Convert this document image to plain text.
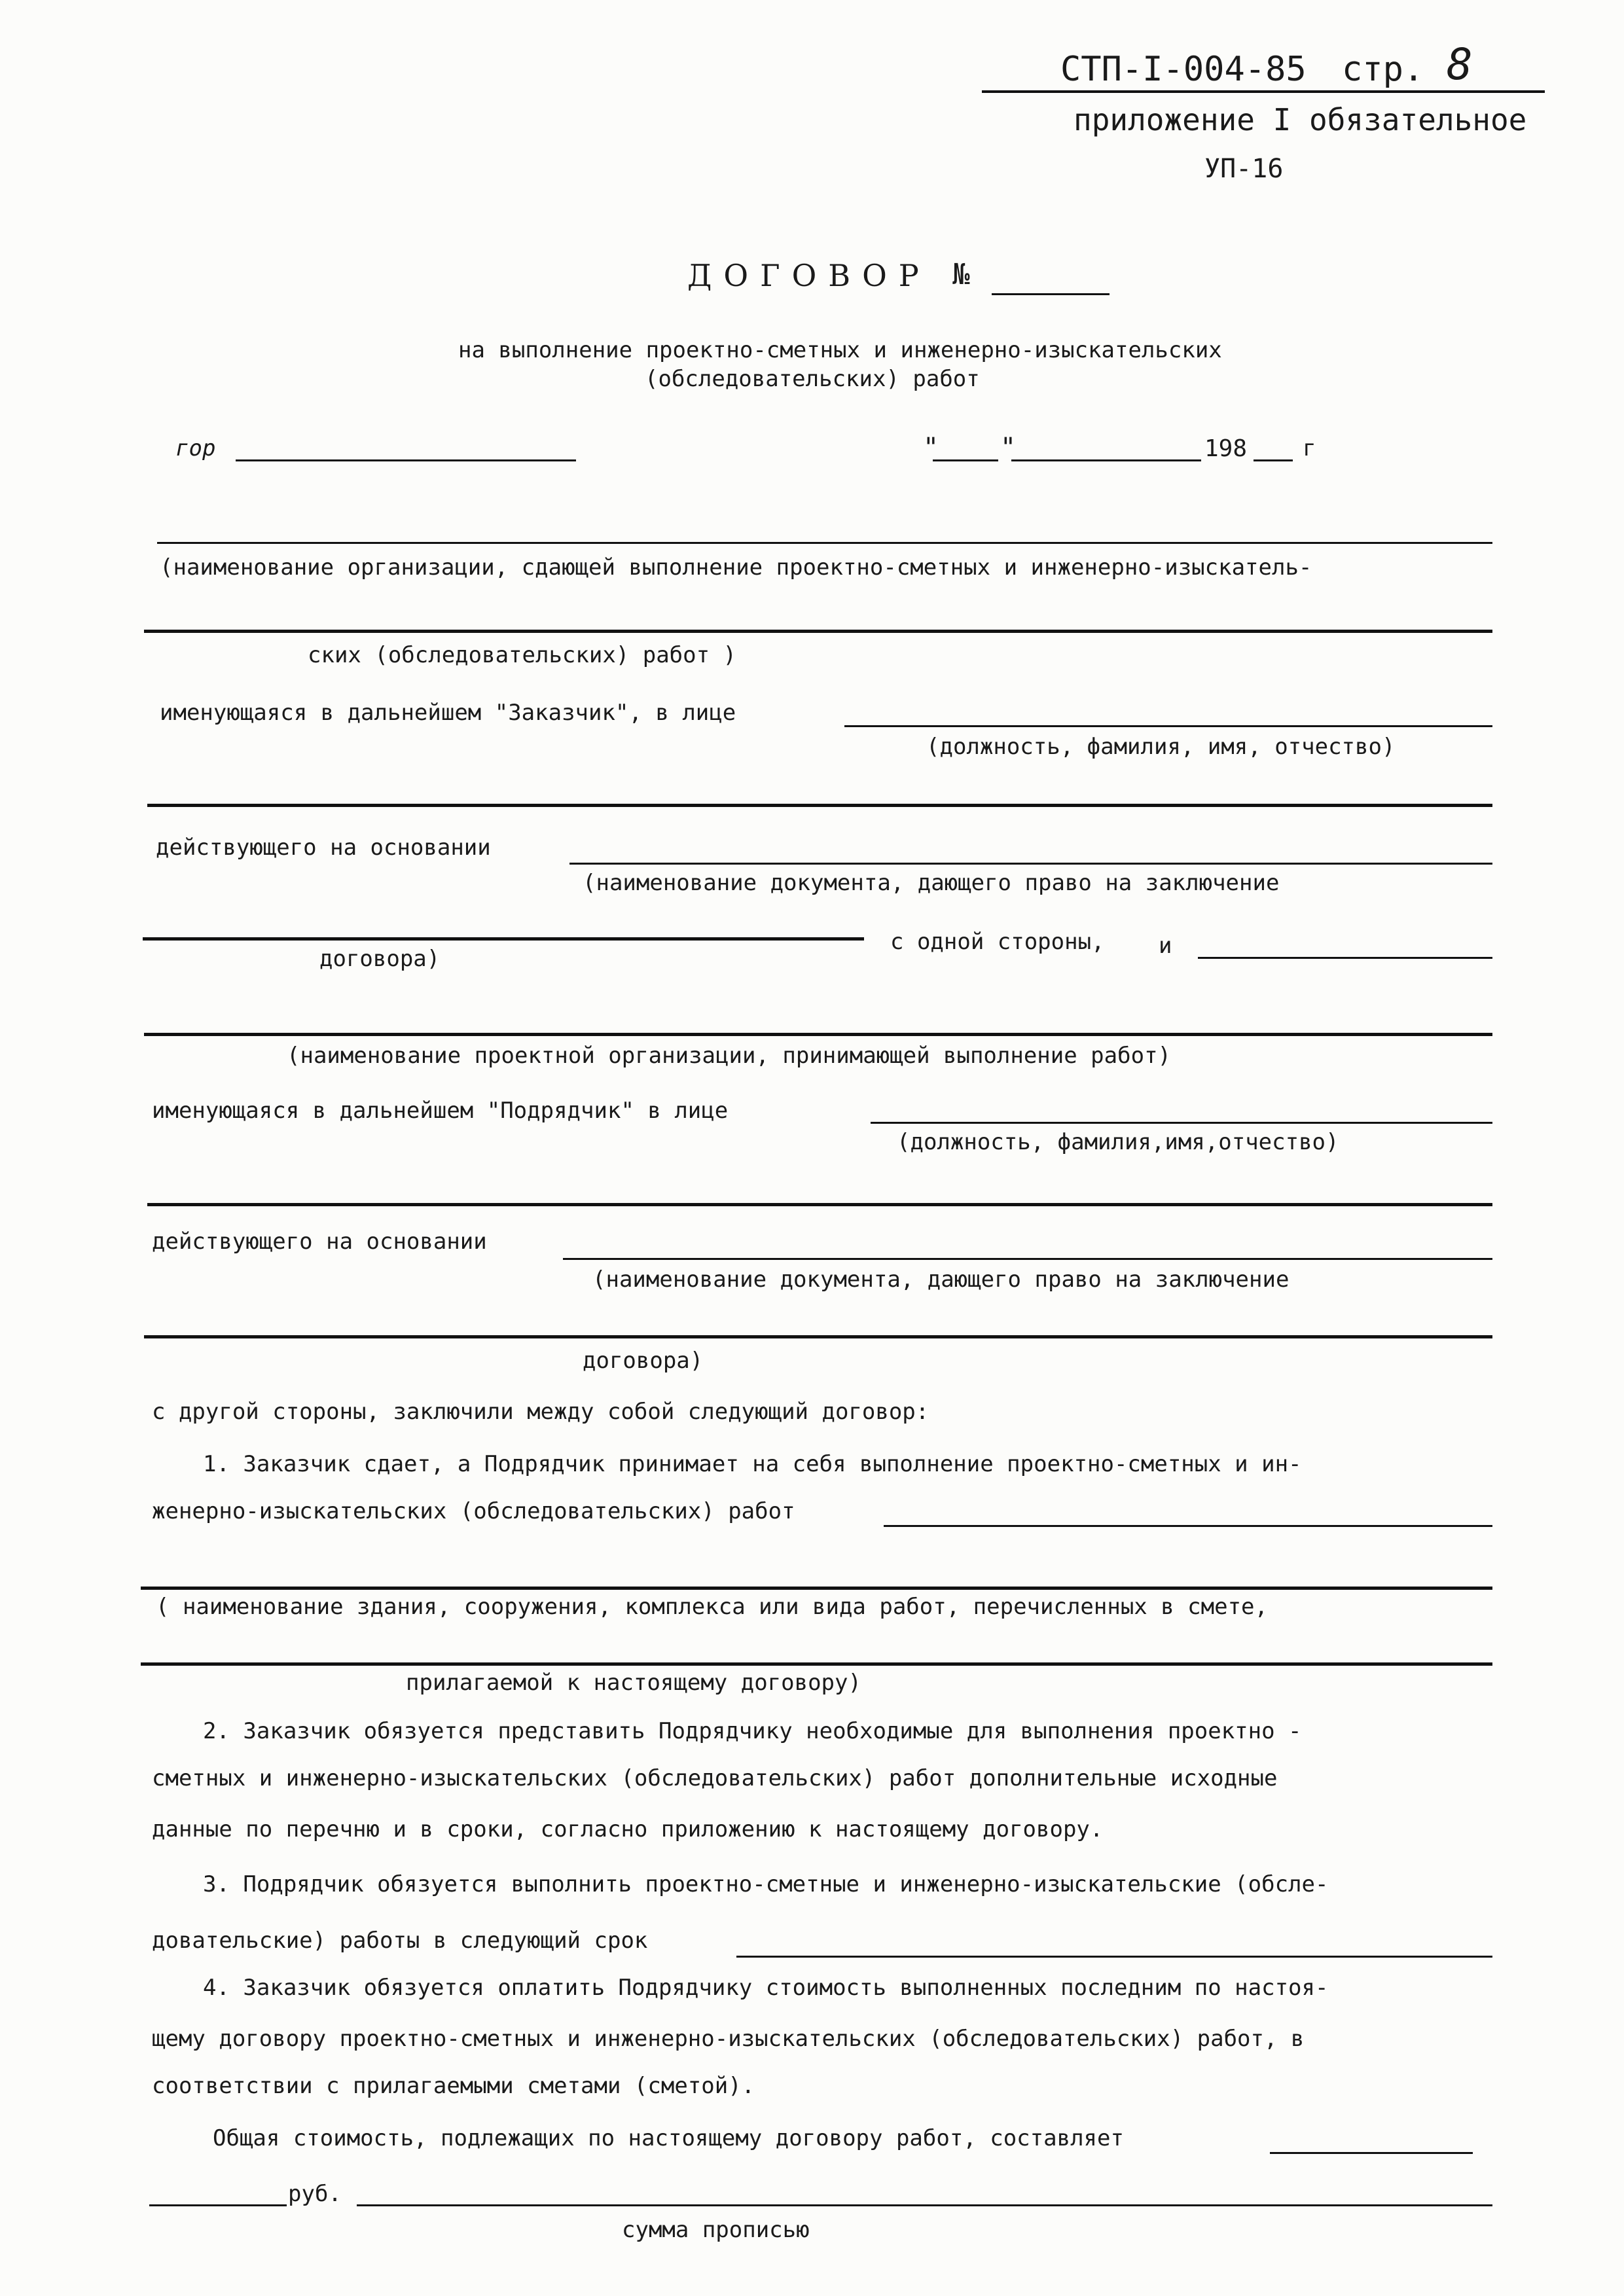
СТП-I-004-85 стр. 8
приложение I обязательное
УП-16
ДОГОВОР №
на выполнение проектно-сметных и инженерно-изыскательских
(обследовательских) работ
гор	" "	198 г
(наименование организации, сдающей выполнение проектно-сметных и инженерно-изыскатель-
ских (обследовательских) работ )
именующаяся в дальнейшем "Заказчик", в лице
(должность, фамилия, имя, отчество)
действующего на основании
(наименование документа, дающего право на заключение
договора)
с одной стороны, и
(наименование проектной организации, принимающей выполнение работ)
именующаяся в дальнейшем "Подрядчик" в лице
(должность, фамилия,имя,отчество)
действующего на основании
(наименование документа, дающего право на заключение
договора)
с другой стороны, заключили между собой следующий договор:
1. Заказчик сдает, а Подрядчик принимает на себя выполнение проектно-сметных и ин-
женерно-изыскательских (обследовательских) работ
( наименование здания, сооружения, комплекса или вида работ, перечисленных в смете,
прилагаемой к настоящему договору)
2. Заказчик обязуется представить Подрядчику необходимые для выполнения проектно -
сметных и инженерно-изыскательских (обследовательских) работ дополнительные исходные
данные по перечню и в сроки, согласно приложению к настоящему договору.
3. Подрядчик обязуется выполнить проектно-сметные и инженерно-изыскательские (обсле-
довательские) работы в следующий срок
4. Заказчик обязуется оплатить Подрядчику стоимость выполненных последним по настоя-
щему договору проектно-сметных и инженерно-изыскательских (обследовательских) работ, в
соответствии с прилагаемыми сметами (сметой).
Общая стоимость, подлежащих по настоящему договору работ, составляет
руб.
сумма прописью
